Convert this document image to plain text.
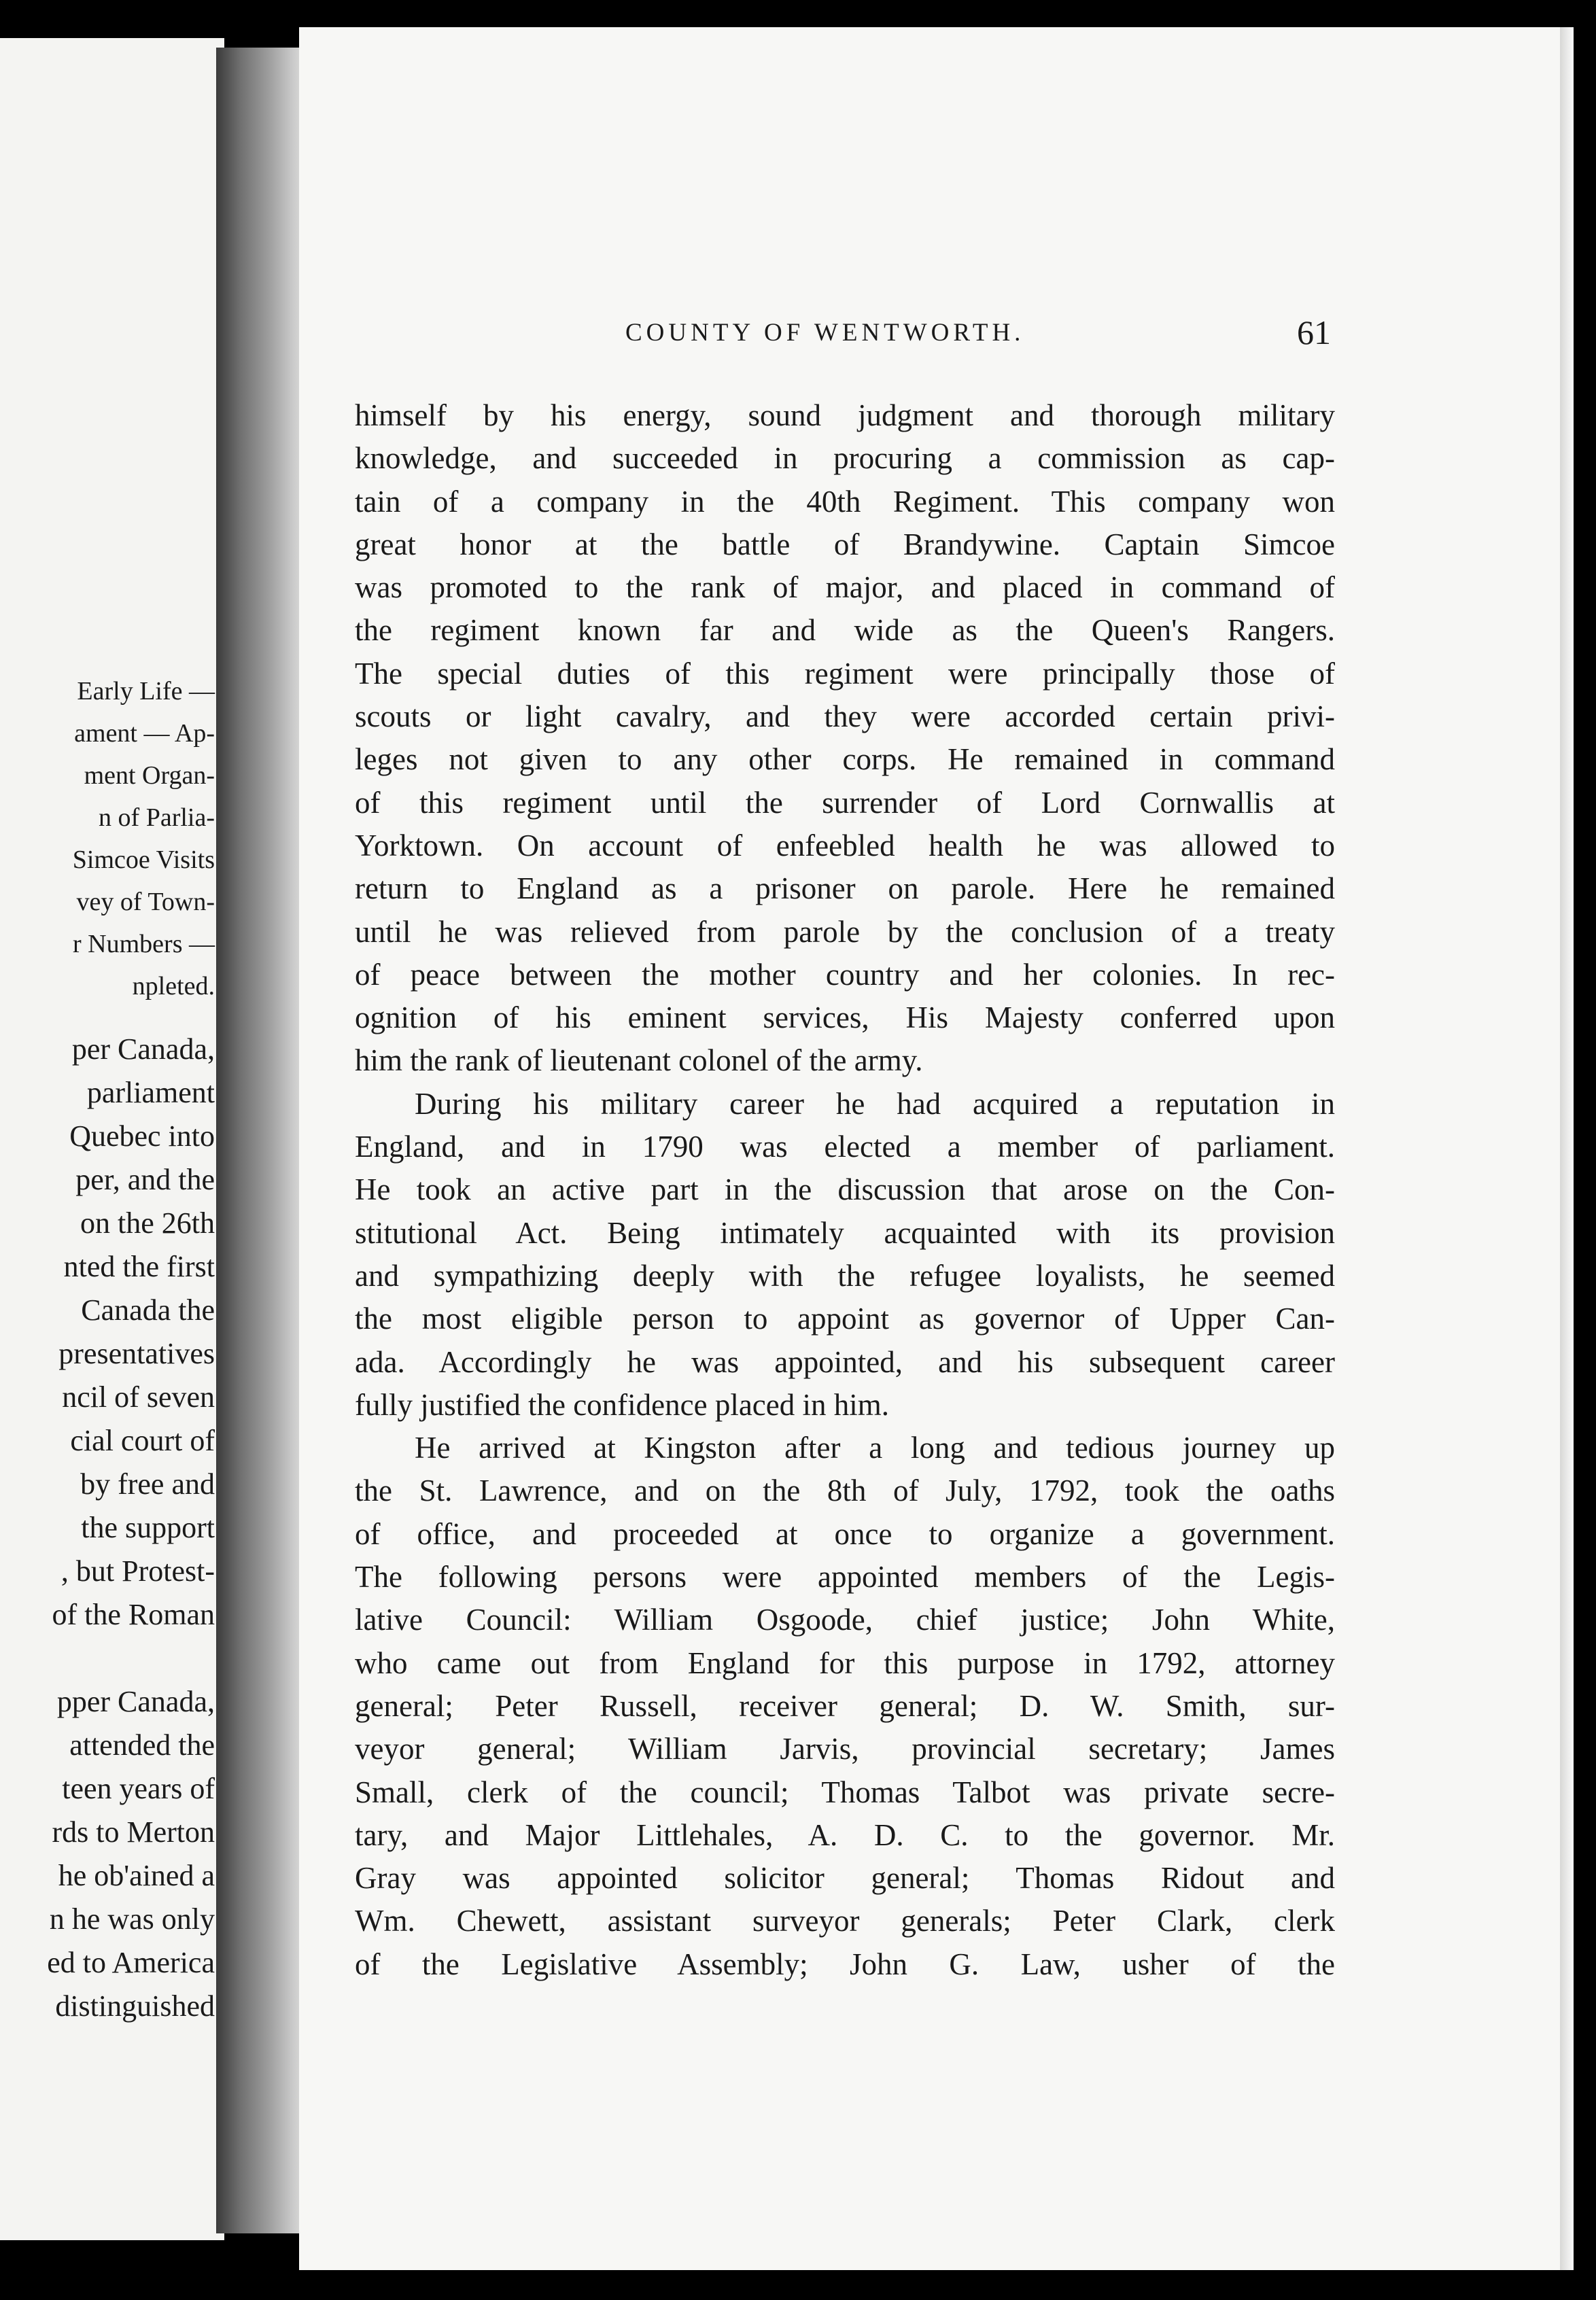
Early Life —
ament — Ap-
ment Organ-
n of Parlia-
Simcoe Visits
vey of Town-
r Numbers —
npleted.
per Canada,
parliament
Quebec into
per, and the
on the 26th
nted the first
Canada the
presentatives
ncil of seven
cial court of
by free and
the support
, but Protest-
of the Roman
pper Canada,
attended the
teen years of
rds to Merton
he ob'ained a
n he was only
ed to America
distinguished
COUNTY OF WENTWORTH.	61
himself by his energy, sound judgment and thorough military
knowledge, and succeeded in procuring a commission as cap-
tain of a company in the 40th Regiment. This company won
great honor at the battle of Brandywine. Captain Simcoe
was promoted to the rank of major, and placed in command of
the regiment known far and wide as the Queen's Rangers.
The special duties of this regiment were principally those of
scouts or light cavalry, and they were accorded certain privi-
leges not given to any other corps. He remained in command
of this regiment until the surrender of Lord Cornwallis at
Yorktown. On account of enfeebled health he was allowed to
return to England as a prisoner on parole. Here he remained
until he was relieved from parole by the conclusion of a treaty
of peace between the mother country and her colonies. In rec-
ognition of his eminent services, His Majesty conferred upon
him the rank of lieutenant colonel of the army.
During his military career he had acquired a reputation in
England, and in 1790 was elected a member of parliament.
He took an active part in the discussion that arose on the Con-
stitutional Act. Being intimately acquainted with its provision
and sympathizing deeply with the refugee loyalists, he seemed
the most eligible person to appoint as governor of Upper Can-
ada. Accordingly he was appointed, and his subsequent career
fully justified the confidence placed in him.
He arrived at Kingston after a long and tedious journey up
the St. Lawrence, and on the 8th of July, 1792, took the oaths
of office, and proceeded at once to organize a government.
The following persons were appointed members of the Legis-
lative Council: William Osgoode, chief justice; John White,
who came out from England for this purpose in 1792, attorney
general; Peter Russell, receiver general; D. W. Smith, sur-
veyor general; William Jarvis, provincial secretary; James
Small, clerk of the council; Thomas Talbot was private secre-
tary, and Major Littlehales, A. D. C. to the governor. Mr.
Gray was appointed solicitor general; Thomas Ridout and
Wm. Chewett, assistant surveyor generals; Peter Clark, clerk
of the Legislative Assembly; John G. Law, usher of the
